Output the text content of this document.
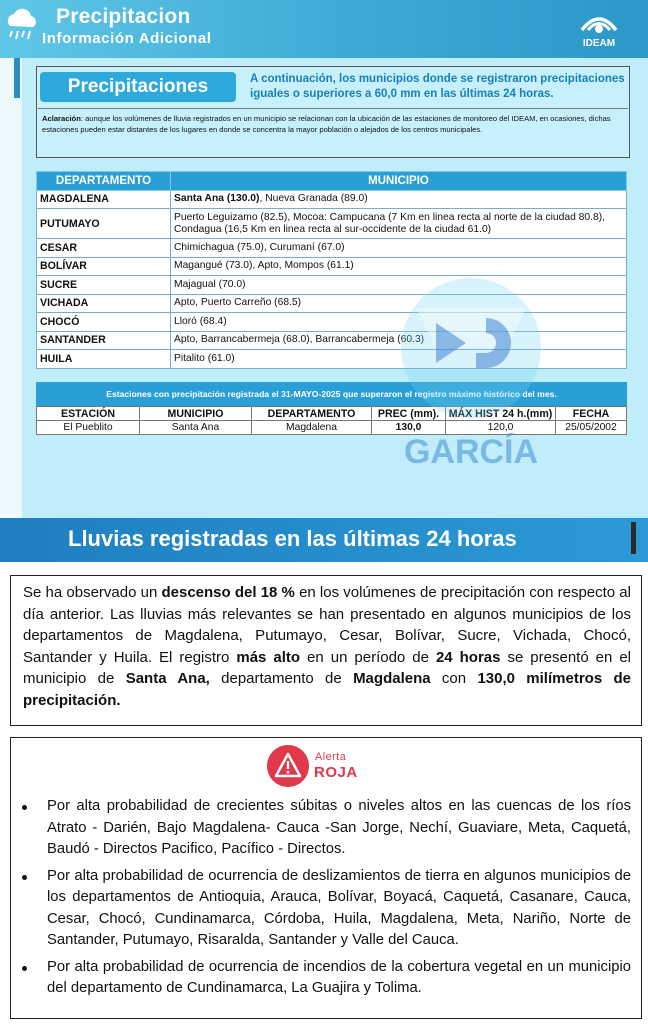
Precipitacion
Información Adicional	IDEAM
Precipitaciones	A continuación, los municipios donde se registraron precipitaciones iguales o superiores a 60,0 mm en las últimas 24 horas.
Aclaración: aunque los volúmenes de lluvia registrados en un municipio se relacionan con la ubicación de las estaciones de monitoreo del IDEAM, en ocasiones, dichas estaciones pueden estar distantes de los lugares en donde se concentra la mayor población o alejados de los centros municipales.
DEPARTAMENTO	MUNICIPIO
MAGDALENA	Santa Ana (130.0), Nueva Granada (89.0)
PUTUMAYO	Puerto Leguizamo (82.5), Mocoa: Campucana (7 Km en linea recta al norte de la ciudad 80.8), Condagua (16,5 Km en linea recta al sur-occidente de la ciudad 61.0)
CESAR	Chimichagua (75.0), Curumaní (67.0)
BOLÍVAR	Magangué (73.0), Apto, Mompos (61.1)
SUCRE	Majagual (70.0)
VICHADA	Apto, Puerto Carreño (68.5)
CHOCÓ	Lloró (68.4)
SANTANDER	Apto, Barrancabermeja (68.0), Barrancabermeja (60.3)
HUILA	Pitalito (61.0)
Estaciones con precipitación registrada el 31-MAYO-2025 que superaron el registro máximo histórico del mes.
ESTACIÓN	MUNICIPIO	DEPARTAMENTO	PREC (mm).	MÁX HIST 24 h.(mm)	FECHA
El Pueblito	Santa Ana	Magdalena	130,0	120,0	25/05/2002
GARCÍA
Lluvias registradas en las últimas 24 horas
Se ha observado un descenso del 18 % en los volúmenes de precipitación con respecto al día anterior. Las lluvias más relevantes se han presentado en algunos municipios de los departamentos de Magdalena, Putumayo, Cesar, Bolívar, Sucre, Vichada, Chocó, Santander y Huila. El registro más alto en un período de 24 horas se presentó en el municipio de Santa Ana, departamento de Magdalena con 130,0 milímetros de precipitación.
Alerta
ROJA
Por alta probabilidad de crecientes súbitas o niveles altos en las cuencas de los ríos Atrato - Darién, Bajo Magdalena- Cauca -San Jorge, Nechí, Guaviare, Meta, Caquetá, Baudó - Directos Pacifico, Pacífico - Directos.
Por alta probabilidad de ocurrencia de deslizamientos de tierra en algunos municipios de los departamentos de Antioquia, Arauca, Bolívar, Boyacá, Caquetá, Casanare, Cauca, Cesar, Chocó, Cundinamarca, Córdoba, Huila, Magdalena, Meta, Nariño, Norte de Santander, Putumayo, Risaralda, Santander y Valle del Cauca.
Por alta probabilidad de ocurrencia de incendios de la cobertura vegetal en un municipio del departamento de Cundinamarca, La Guajira y Tolima.
